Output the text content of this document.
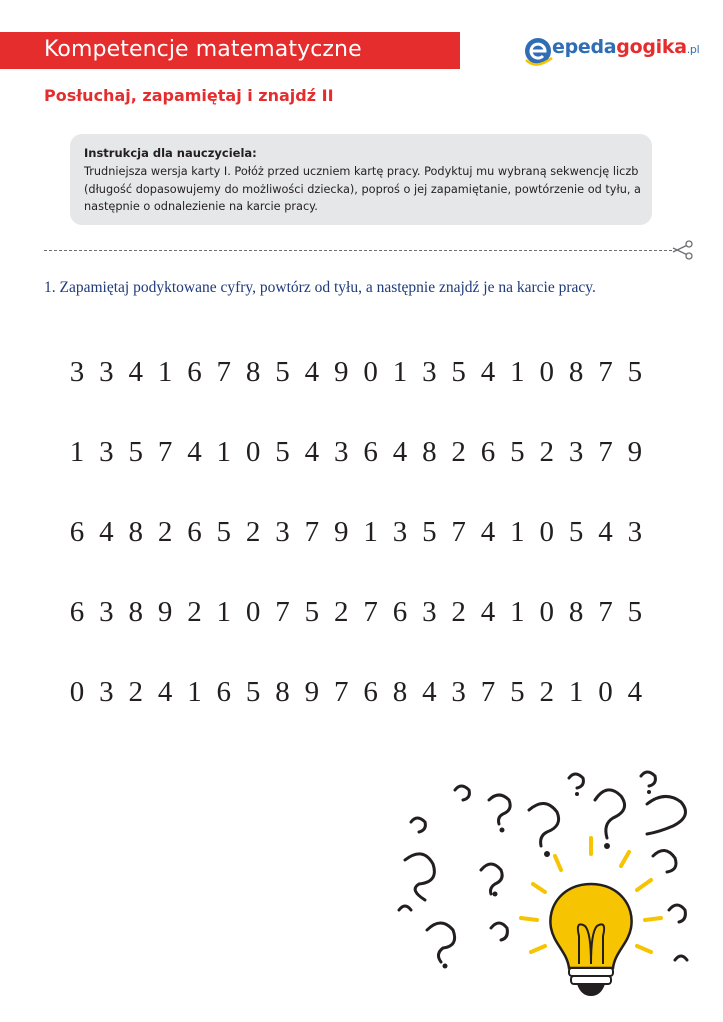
Kompetencje matematyczne	epedagogika.pl
Posłuchaj, zapamiętaj i znajdź II
Instrukcja dla nauczyciela:
Trudniejsza wersja karty I. Połóż przed uczniem kartę pracy. Podyktuj mu wybraną sekwencję liczb (długość dopasowujemy do możliwości dziecka), poproś o jej zapamiętanie, powtórzenie od tyłu, a następnie o odnalezienie na karcie pracy.
1. Zapamiętaj podyktowane cyfry, powtórz od tyłu, a następnie znajdź je na karcie pracy.
3 3 4 1 6 7 8 5 4 9 0 1 3 5 4 1 0 8 7 5
1 3 5 7 4 1 0 5 4 3 6 4 8 2 6 5 2 3 7 9
6 4 8 2 6 5 2 3 7 9 1 3 5 7 4 1 0 5 4 3
6 3 8 9 2 1 0 7 5 2 7 6 3 2 4 1 0 8 7 5
0 3 2 4 1 6 5 8 9 7 6 8 4 3 7 5 2 1 0 4
